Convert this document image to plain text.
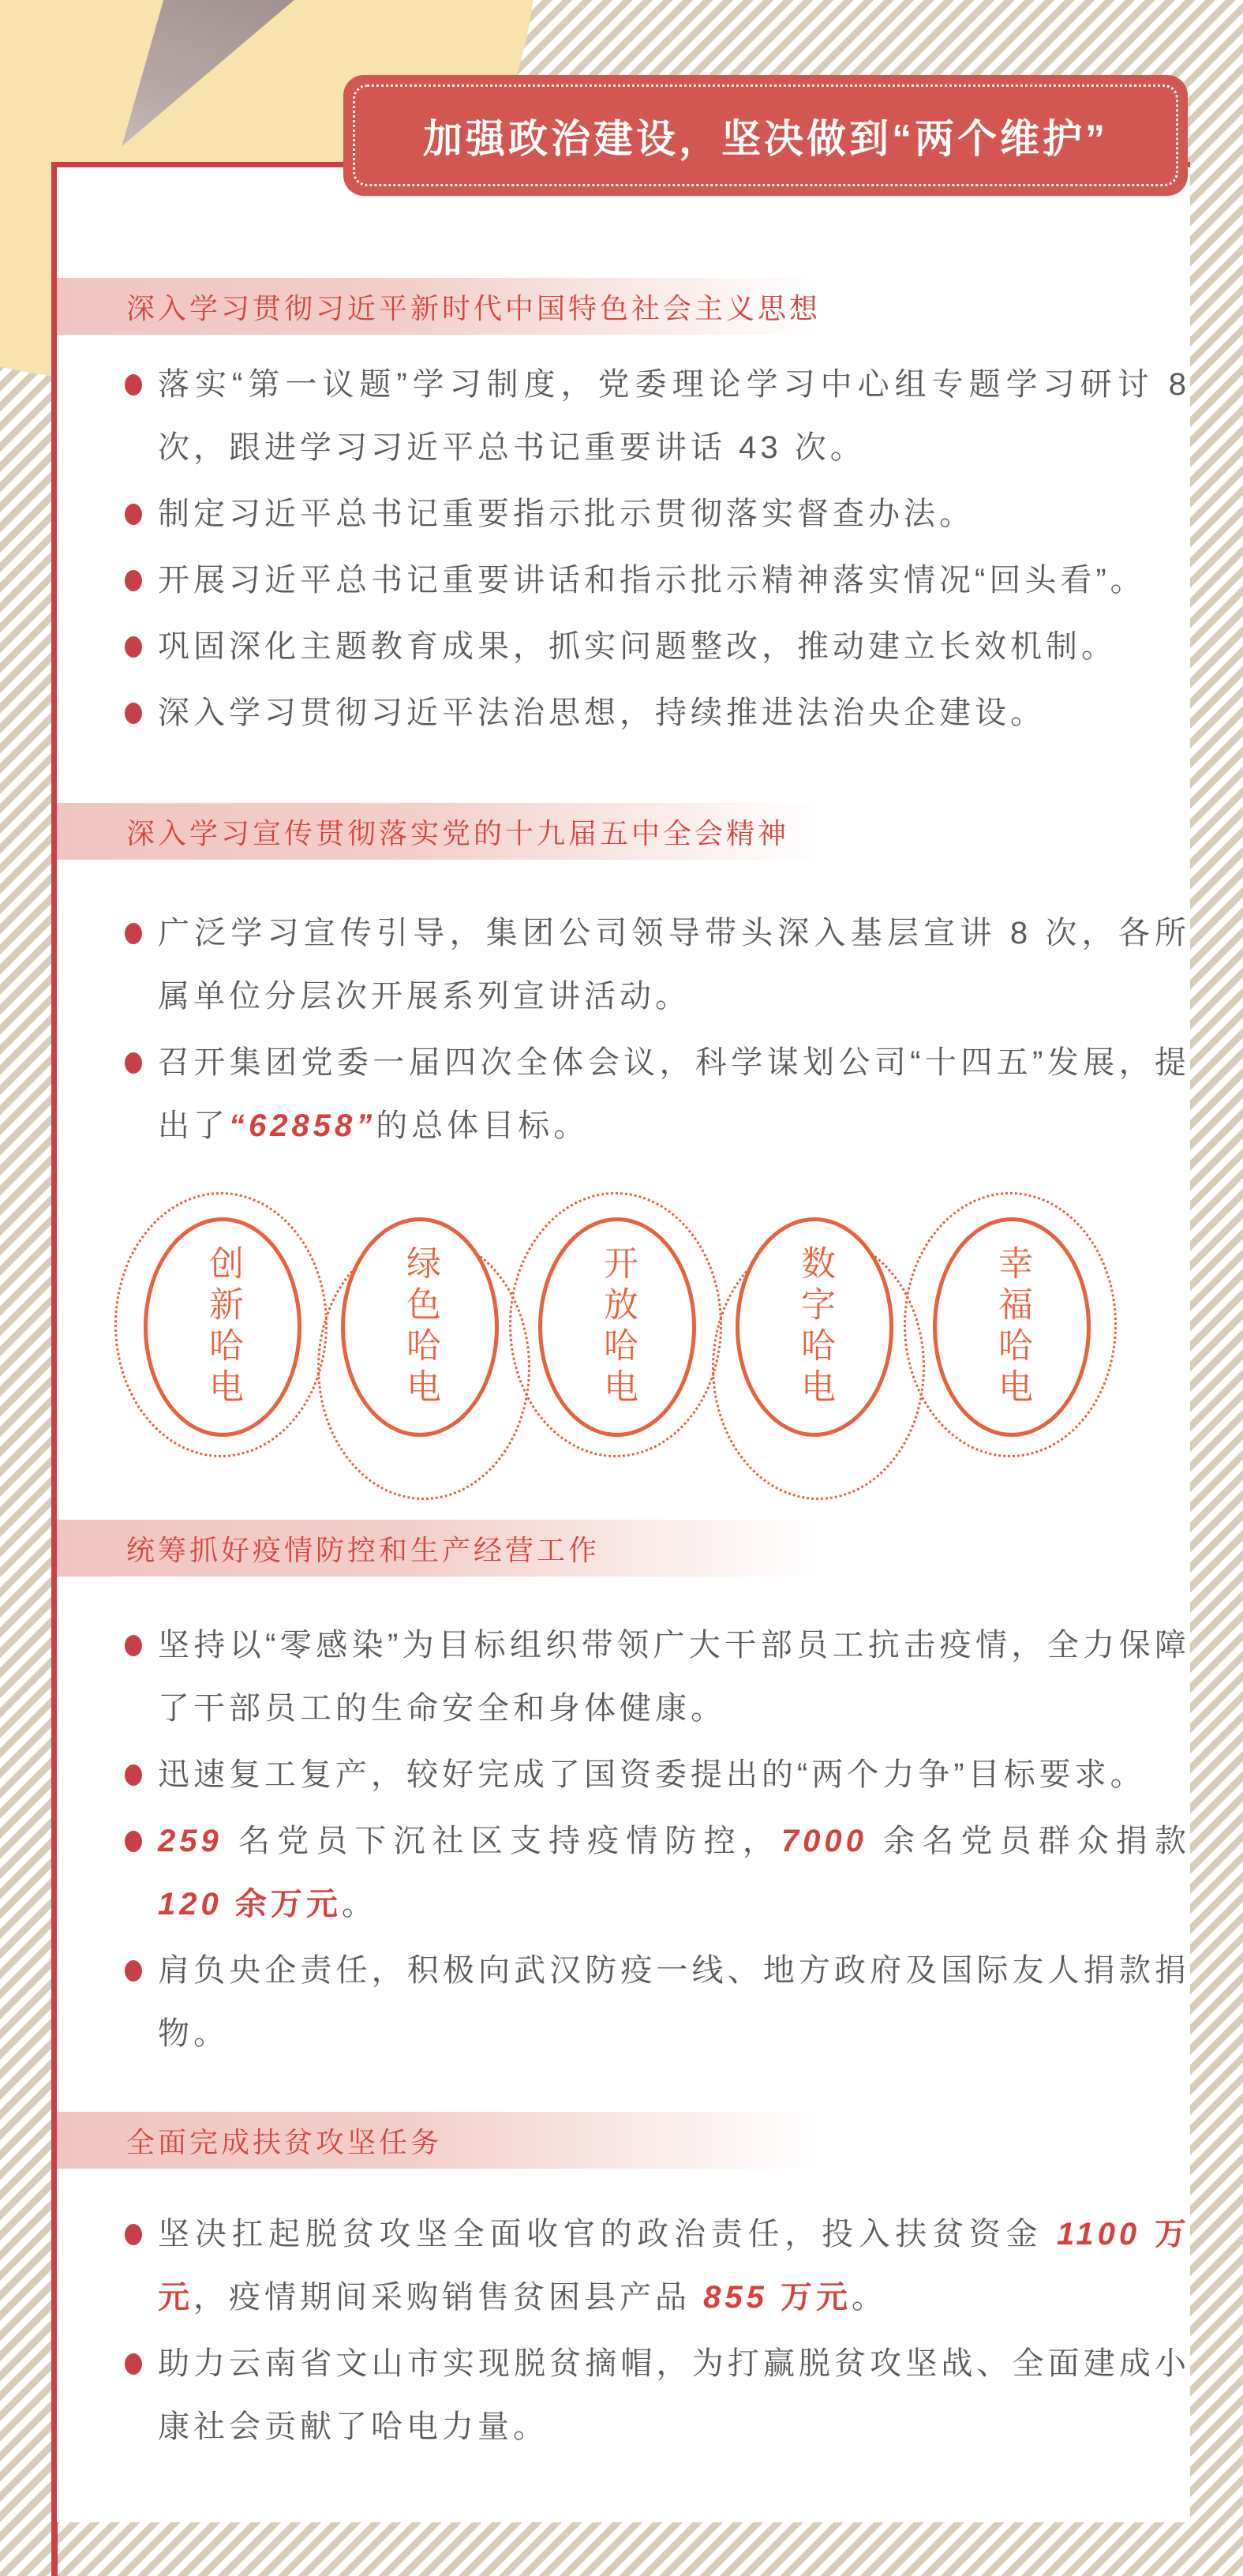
深入学习贯彻习近平新时代中国特色社会主义思想
落实“第一议题”学习制度，党委理论学习中心组专题学习研讨 8 次，跟进学习习近平总书记重要讲话 43 次。
制定习近平总书记重要指示批示贯彻落实督查办法。
开展习近平总书记重要讲话和指示批示精神落实情况“回头看”。
巩固深化主题教育成果，抓实问题整改，推动建立长效机制。
深入学习贯彻习近平法治思想，持续推进法治央企建设。
深入学习宣传贯彻落实党的十九届五中全会精神
广泛学习宣传引导，集团公司领导带头深入基层宣讲 8 次，各所属单位分层次开展系列宣讲活动。
召开集团党委一届四次全体会议，科学谋划公司“十四五”发展，提出了“62858”的总体目标。
创新哈电	绿色哈电	开放哈电	数字哈电	幸福哈电
统筹抓好疫情防控和生产经营工作
坚持以“零感染”为目标组织带领广大干部员工抗击疫情，全力保障了干部员工的生命安全和身体健康。
迅速复工复产，较好完成了国资委提出的“两个力争”目标要求。
259 名党员下沉社区支持疫情防控，7000 余名党员群众捐款 120 余万元。
肩负央企责任，积极向武汉防疫一线、地方政府及国际友人捐款捐物。
全面完成扶贫攻坚任务
坚决扛起脱贫攻坚全面收官的政治责任，投入扶贫资金 1100 万元，疫情期间采购销售贫困县产品 855 万元。
助力云南省文山市实现脱贫摘帽，为打赢脱贫攻坚战、全面建成小康社会贡献了哈电力量。
加强政治建设，坚决做到“两个维护”
